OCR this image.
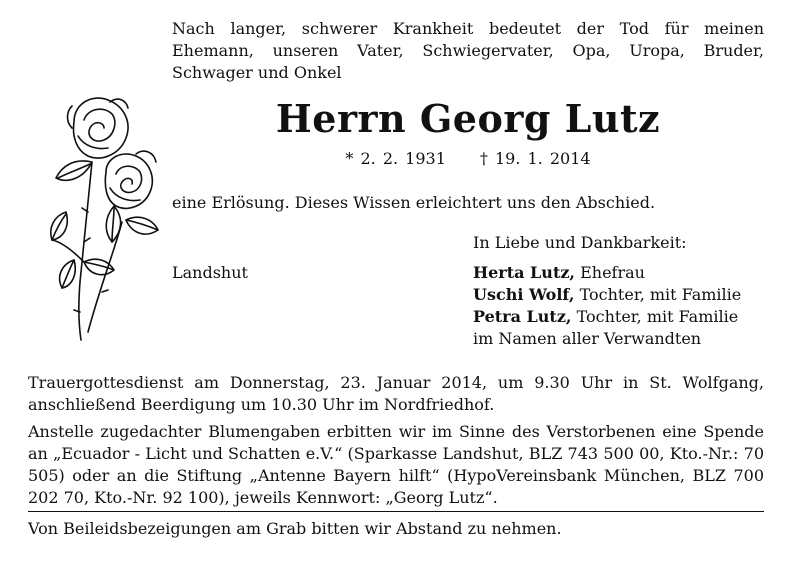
Nach langer, schwerer Krankheit bedeutet der Tod für meinen Ehemann, unseren Vater, Schwiegervater, Opa, Uropa, Bruder, Schwager und Onkel
Herrn Georg Lutz
* 2. 2. 1931 † 19. 1. 2014
eine Erlösung. Dieses Wissen erleichtert uns den Abschied.
Landshut
In Liebe und Dankbarkeit:
Herta Lutz, Ehefrau
Uschi Wolf, Tochter, mit Familie
Petra Lutz, Tochter, mit Familie
im Namen aller Verwandten
Trauergottesdienst am Donnerstag, 23. Januar 2014, um 9.30 Uhr in St. Wolfgang, anschließend Beerdigung um 10.30 Uhr im Nordfriedhof.
Anstelle zugedachter Blumengaben erbitten wir im Sinne des Verstorbenen eine Spende an „Ecuador - Licht und Schatten e.V.“ (Sparkasse Landshut, BLZ 743 500 00, Kto.-Nr.: 70 505) oder an die Stiftung „Antenne Bayern hilft“ (HypoVereinsbank München, BLZ 700 202 70, Kto.-Nr. 92 100), jeweils Kennwort: „Georg Lutz“.
Von Beileidsbezeigungen am Grab bitten wir Abstand zu nehmen.
